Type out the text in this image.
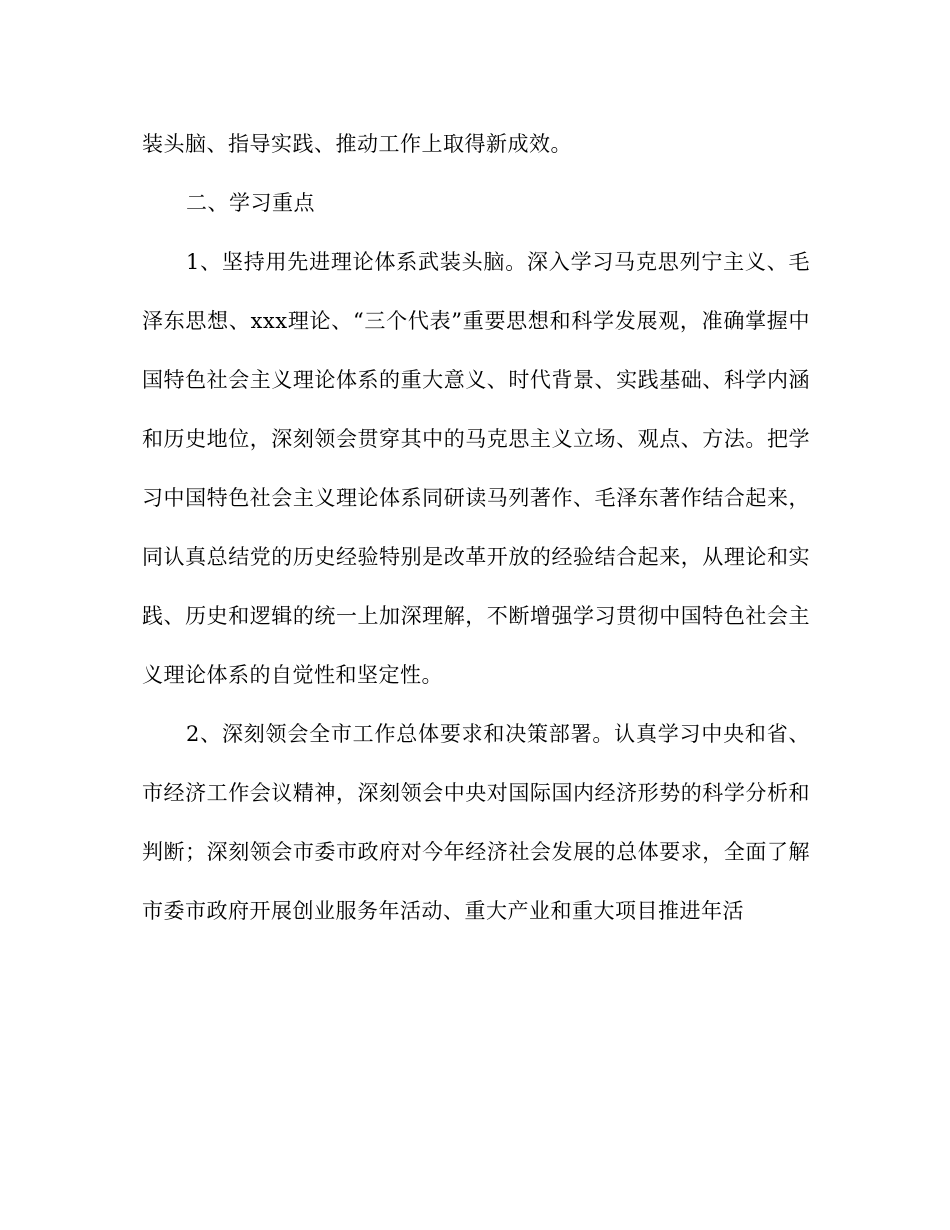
装头脑、指导实践、推动工作上取得新成效。

二、学习重点

1、坚持用先进理论体系武装头脑。深入学习马克思列宁主义、毛泽东思想、xxx理论、“三个代表”重要思想和科学发展观，准确掌握中国特色社会主义理论体系的重大意义、时代背景、实践基础、科学内涵和历史地位，深刻领会贯穿其中的马克思主义立场、观点、方法。把学习中国特色社会主义理论体系同研读马列著作、毛泽东著作结合起来，同认真总结党的历史经验特别是改革开放的经验结合起来，从理论和实践、历史和逻辑的统一上加深理解，不断增强学习贯彻中国特色社会主义理论体系的自觉性和坚定性。

2、深刻领会全市工作总体要求和决策部署。认真学习中央和省、市经济工作会议精神，深刻领会中央对国际国内经济形势的科学分析和判断；深刻领会市委市政府对今年经济社会发展的总体要求，全面了解市委市政府开展创业服务年活动、重大产业和重大项目推进年活
